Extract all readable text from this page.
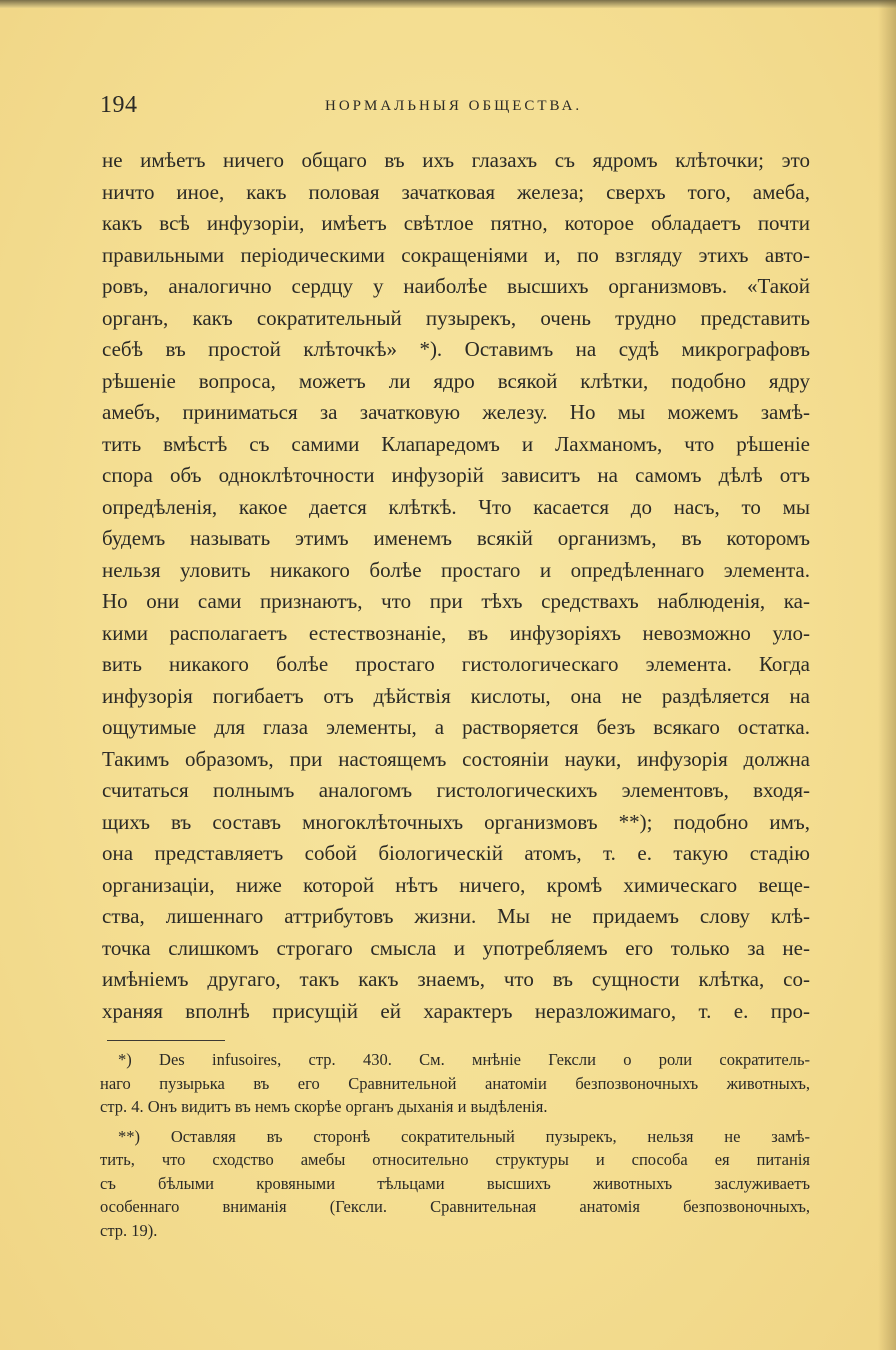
194	НОРМАЛЬНЫЯ ОБЩЕСТВА.
не имѣетъ ничего общаго въ ихъ глазахъ съ ядромъ клѣточки; это
ничто иное, какъ половая зачатковая железа; сверхъ того, амеба,
какъ всѣ инфузоріи, имѣетъ свѣтлое пятно, которое обладаетъ почти
правильными періодическими сокращеніями и, по взгляду этихъ авто-
ровъ, аналогично сердцу у наиболѣе высшихъ организмовъ. «Такой
органъ, какъ сократительный пузырекъ, очень трудно представить
себѣ въ простой клѣточкѣ» *). Оставимъ на судѣ микрографовъ
рѣшеніе вопроса, можетъ ли ядро всякой клѣтки, подобно ядру
амебъ, приниматься за зачатковую железу. Но мы можемъ замѣ-
тить вмѣстѣ съ самими Клапаредомъ и Лахманомъ, что рѣшеніе
спора объ одноклѣточности инфузорій зависитъ на самомъ дѣлѣ отъ
опредѣленія, какое дается клѣткѣ. Что касается до насъ, то мы
будемъ называть этимъ именемъ всякій организмъ, въ которомъ
нельзя уловить никакого болѣе простаго и опредѣленнаго элемента.
Но они сами признаютъ, что при тѣхъ средствахъ наблюденія, ка-
кими располагаетъ естествознаніе, въ инфузоріяхъ невозможно уло-
вить никакого болѣе простаго гистологическаго элемента. Когда
инфузорія погибаетъ отъ дѣйствія кислоты, она не раздѣляется на
ощутимые для глаза элементы, а растворяется безъ всякаго остатка.
Такимъ образомъ, при настоящемъ состояніи науки, инфузорія должна
считаться полнымъ аналогомъ гистологическихъ элементовъ, входя-
щихъ въ составъ многоклѣточныхъ организмовъ **); подобно имъ,
она представляетъ собой біологическій атомъ, т. е. такую стадію
организаціи, ниже которой нѣтъ ничего, кромѣ химическаго веще-
ства, лишеннаго аттрибутовъ жизни. Мы не придаемъ слову клѣ-
точка слишкомъ строгаго смысла и употребляемъ его только за не-
имѣніемъ другаго, такъ какъ знаемъ, что въ сущности клѣтка, со-
храняя вполнѣ присущій ей характеръ неразложимаго, т. е. про-
*) Des infusoires, стр. 430. См. мнѣніе Гексли о роли сократитель-
наго пузырька въ его Сравнительной анатоміи безпозвоночныхъ животныхъ,
стр. 4. Онъ видитъ въ немъ скорѣе органъ дыханія и выдѣленія.
**) Оставляя въ сторонѣ сократительный пузырекъ, нельзя не замѣ-
тить, что сходство амебы относительно структуры и способа ея питанія
съ бѣлыми кровяными тѣльцами высшихъ животныхъ заслуживаетъ
особеннаго вниманія (Гексли. Сравнительная анатомія безпозвоночныхъ,
стр. 19).
